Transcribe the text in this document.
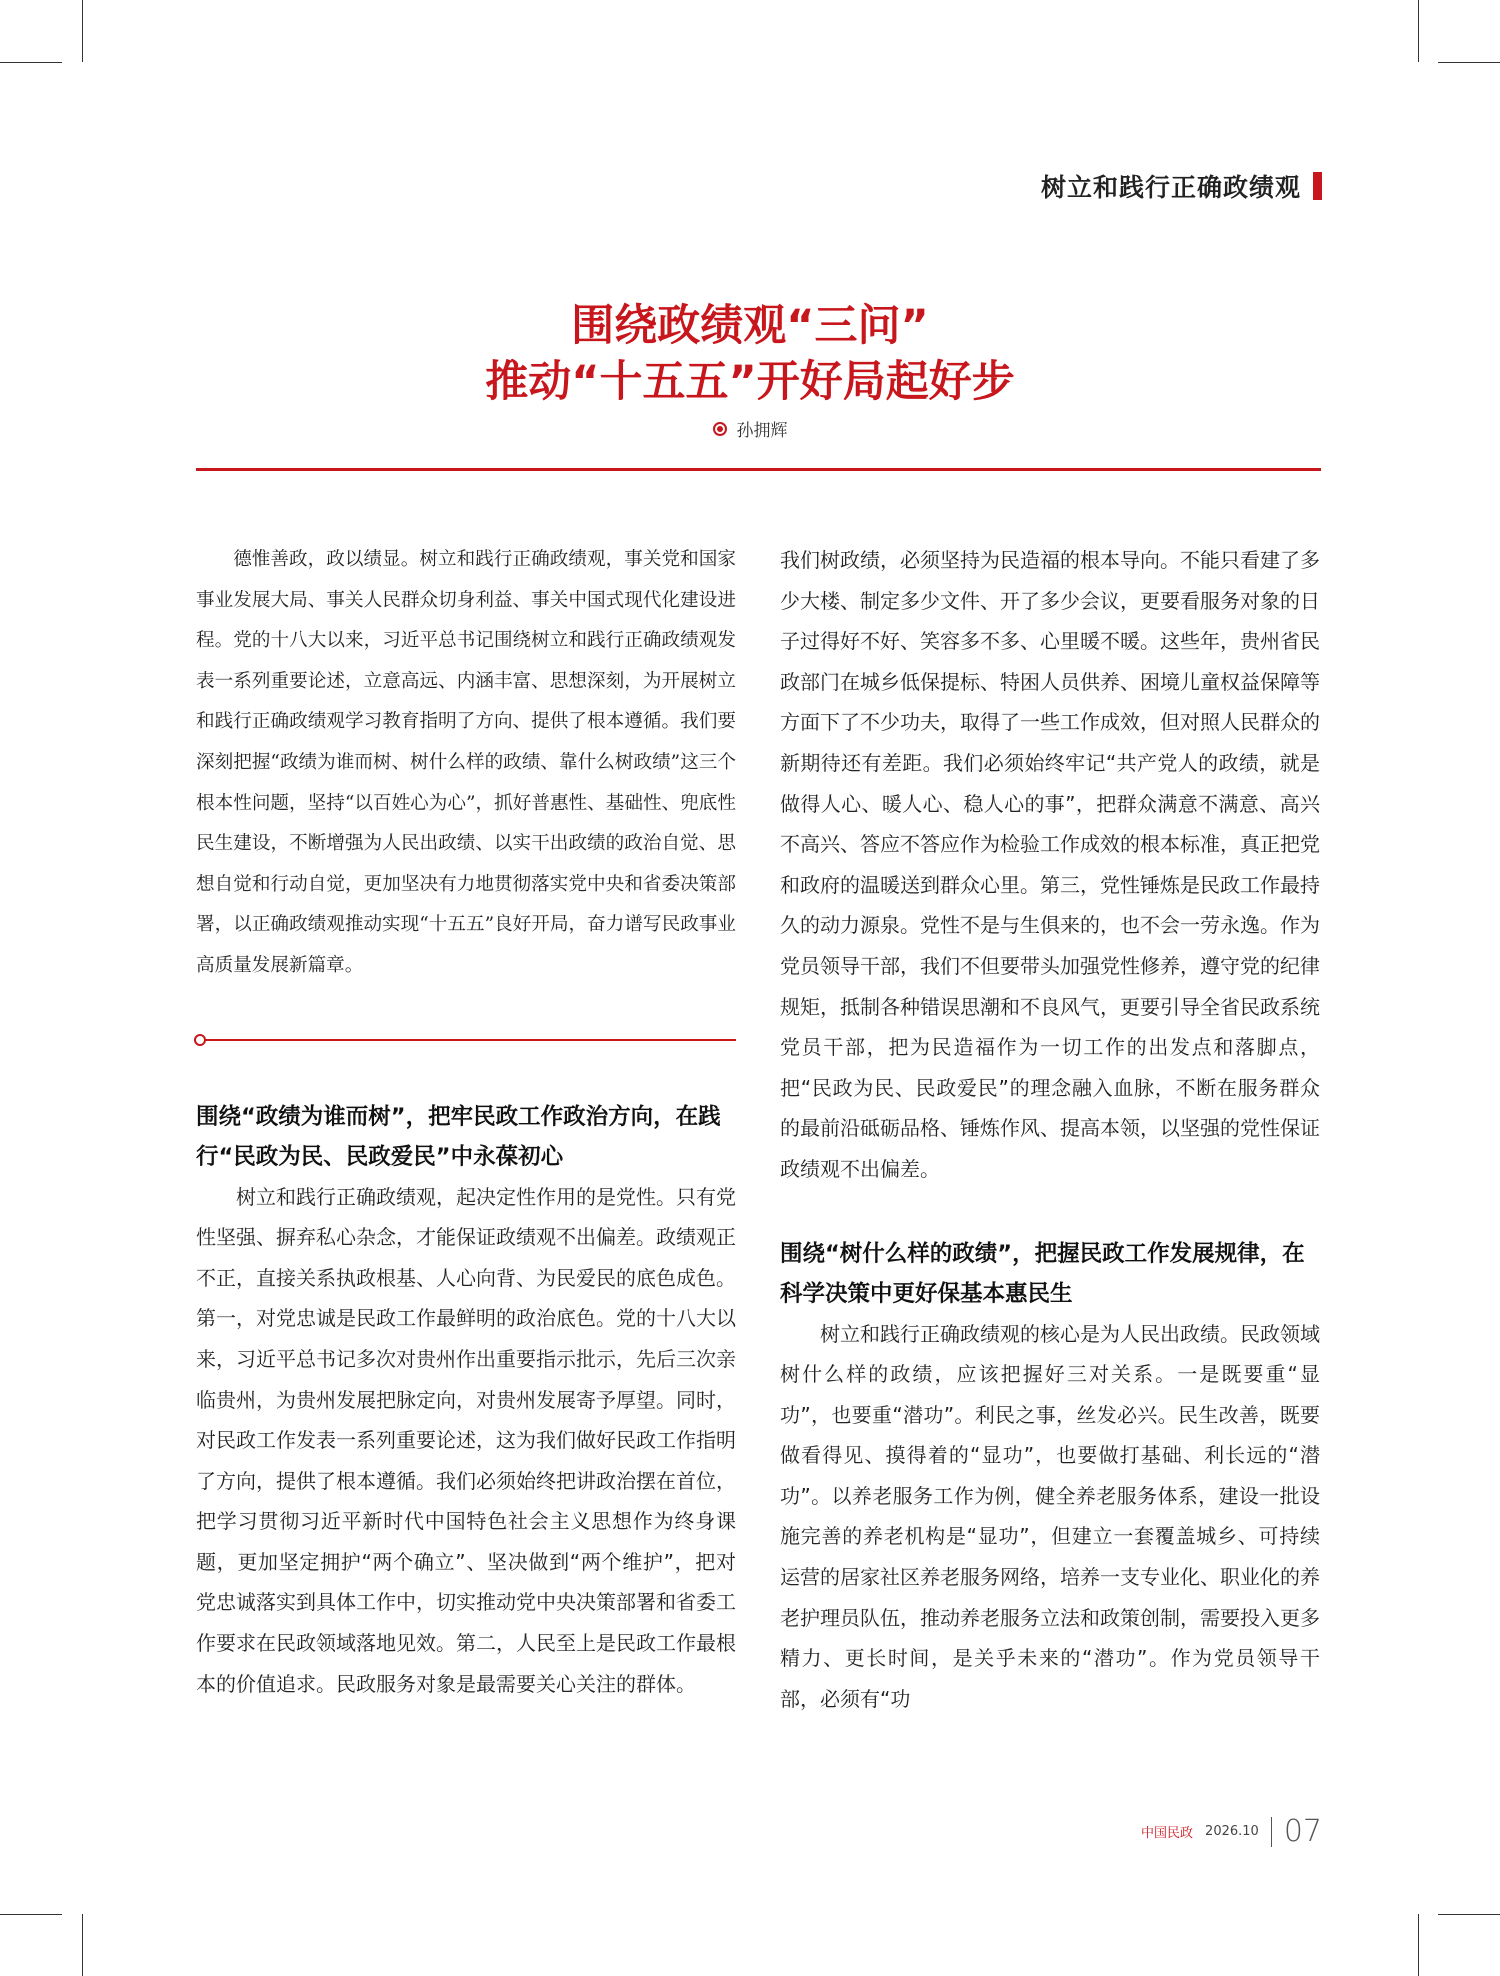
树立和践行正确政绩观
围绕政绩观“三问”
推动“十五五”开好局起好步
孙拥辉

德惟善政，政以绩显。树立和践行正确政绩观，事关党和国家事业发展大局、事关人民群众切身利益、事关中国式现代化建设进程。党的十八大以来，习近平总书记围绕树立和践行正确政绩观发表一系列重要论述，立意高远、内涵丰富、思想深刻，为开展树立和践行正确政绩观学习教育指明了方向、提供了根本遵循。我们要深刻把握“政绩为谁而树、树什么样的政绩、靠什么树政绩”这三个根本性问题，坚持“以百姓心为心”，抓好普惠性、基础性、兜底性民生建设，不断增强为人民出政绩、以实干出政绩的政治自觉、思想自觉和行动自觉，更加坚决有力地贯彻落实党中央和省委决策部署，以正确政绩观推动实现“十五五”良好开局，奋力谱写民政事业高质量发展新篇章。

围绕“政绩为谁而树”，把牢民政工作政治方向，在践行“民政为民、民政爱民”中永葆初心

树立和践行正确政绩观，起决定性作用的是党性。只有党性坚强、摒弃私心杂念，才能保证政绩观不出偏差。政绩观正不正，直接关系执政根基、人心向背、为民爱民的底色成色。第一，对党忠诚是民政工作最鲜明的政治底色。党的十八大以来，习近平总书记多次对贵州作出重要指示批示，先后三次亲临贵州，为贵州发展把脉定向，对贵州发展寄予厚望。同时，对民政工作发表一系列重要论述，这为我们做好民政工作指明了方向，提供了根本遵循。我们必须始终把讲政治摆在首位，把学习贯彻习近平新时代中国特色社会主义思想作为终身课题，更加坚定拥护“两个确立”、坚决做到“两个维护”，把对党忠诚落实到具体工作中，切实推动党中央决策部署和省委工作要求在民政领域落地见效。第二，人民至上是民政工作最根本的价值追求。民政服务对象是最需要关心关注的群体。

我们树政绩，必须坚持为民造福的根本导向。不能只看建了多少大楼、制定多少文件、开了多少会议，更要看服务对象的日子过得好不好、笑容多不多、心里暖不暖。这些年，贵州省民政部门在城乡低保提标、特困人员供养、困境儿童权益保障等方面下了不少功夫，取得了一些工作成效，但对照人民群众的新期待还有差距。我们必须始终牢记“共产党人的政绩，就是做得人心、暖人心、稳人心的事”，把群众满意不满意、高兴不高兴、答应不答应作为检验工作成效的根本标准，真正把党和政府的温暖送到群众心里。第三，党性锤炼是民政工作最持久的动力源泉。党性不是与生俱来的，也不会一劳永逸。作为党员领导干部，我们不但要带头加强党性修养，遵守党的纪律规矩，抵制各种错误思潮和不良风气，更要引导全省民政系统党员干部，把为民造福作为一切工作的出发点和落脚点，把“民政为民、民政爱民”的理念融入血脉，不断在服务群众的最前沿砥砺品格、锤炼作风、提高本领，以坚强的党性保证政绩观不出偏差。

围绕“树什么样的政绩”，把握民政工作发展规律，在科学决策中更好保基本惠民生

树立和践行正确政绩观的核心是为人民出政绩。民政领域树什么样的政绩，应该把握好三对关系。一是既要重“显功”，也要重“潜功”。利民之事，丝发必兴。民生改善，既要做看得见、摸得着的“显功”，也要做打基础、利长远的“潜功”。以养老服务工作为例，健全养老服务体系，建设一批设施完善的养老机构是“显功”，但建立一套覆盖城乡、可持续运营的居家社区养老服务网络，培养一支专业化、职业化的养老护理员队伍，推动养老服务立法和政策创制，需要投入更多精力、更长时间，是关乎未来的“潜功”。作为党员领导干部，必须有“功

中国民政 2026.10 07
